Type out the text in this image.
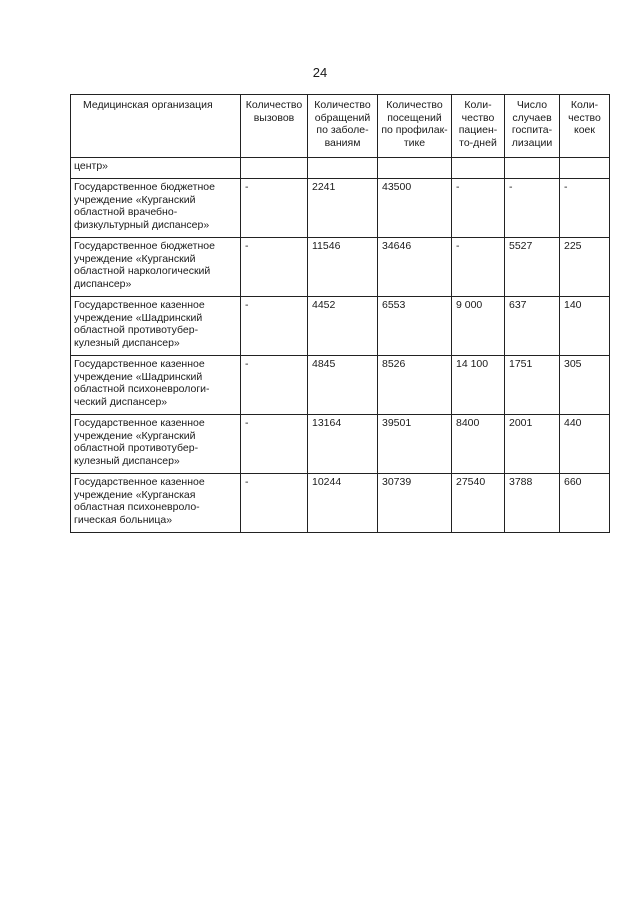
24
Медицинская организация	Количество вызовов	Количество обращений по заболе-ваниям	Количество посещений по профилак-тике	Коли-чество пациен-то-дней	Число случаев госпита-лизации	Коли-чество коек
центр»						
Государственное бюджетное учреждение «Курганский областной врачебно-физкультурный диспансер»	-	2241	43500	-	-	-
Государственное бюджетное учреждение «Курганский областной наркологический диспансер»	-	11546	34646	-	5527	225
Государственное казенное учреждение «Шадринский областной противотубер-кулезный диспансер»	-	4452	6553	9 000	637	140
Государственное казенное учреждение «Шадринский областной психоневрологи-ческий диспансер»	-	4845	8526	14 100	1751	305
Государственное казенное учреждение «Курганский областной противотубер-кулезный диспансер»	-	13164	39501	8400	2001	440
Государственное казенное учреждение «Курганская областная психоневроло-гическая больница»	-	10244	30739	27540	3788	660
